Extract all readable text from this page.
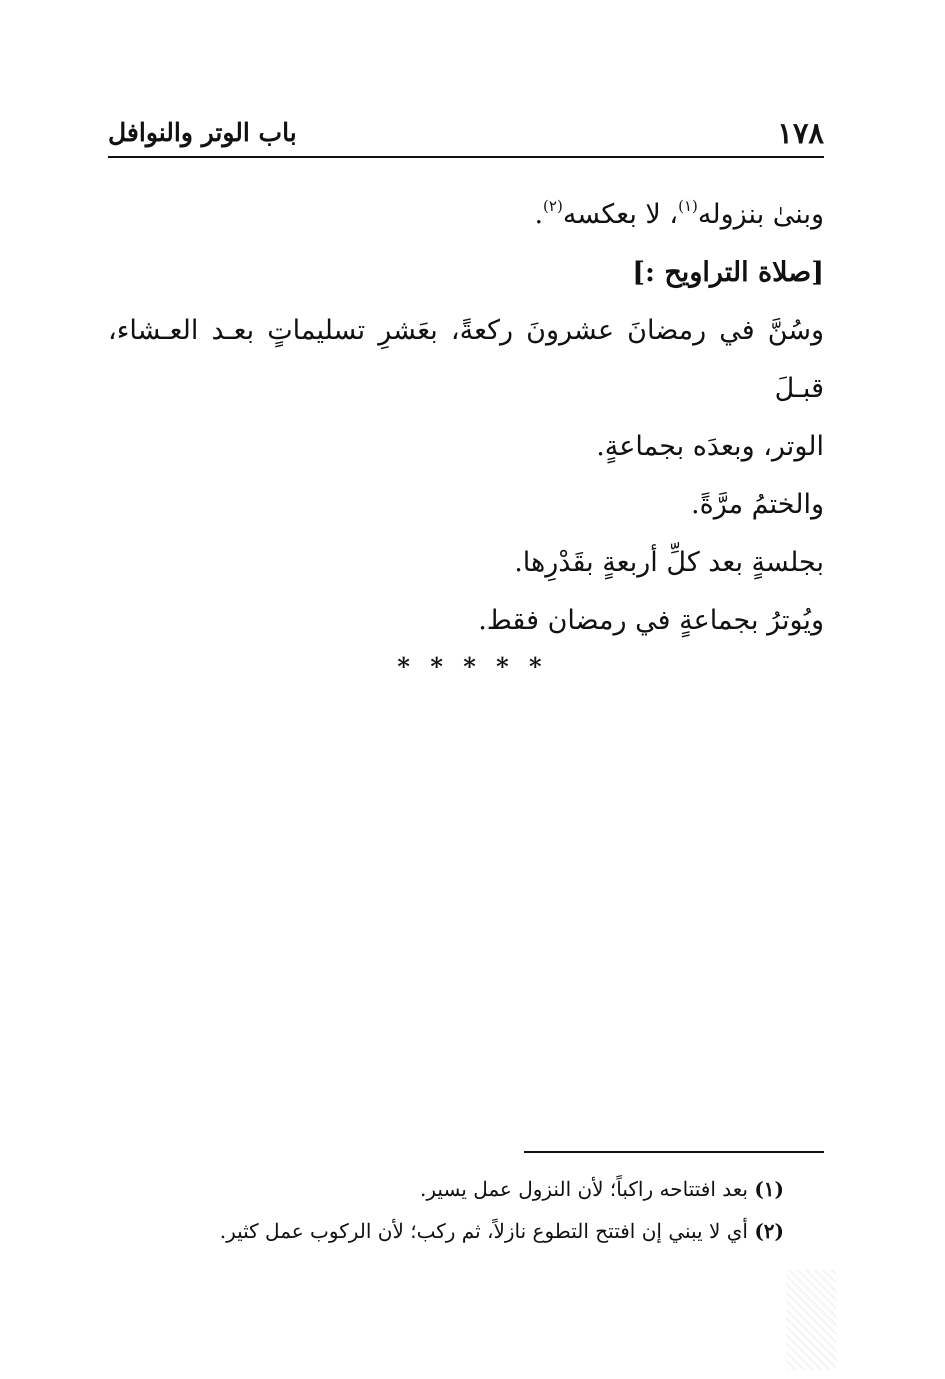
١٧٨
باب الوتر والنوافل
وبنىٰ بنزوله$^{(١)}$، لا بعكسه$^{(٢)}$.
[صلاة التراويح :]
وسُنَّ في رمضانَ عشرونَ ركعةً، بعَشرِ تسليماتٍ بعـد العـشاء، قبـلَ
الوتر، وبعدَه بجماعةٍ.
والختمُ مرَّةً.
بجلسةٍ بعد كلِّ أربعةٍ بقَدْرِها.
ويُوترُ بجماعةٍ في رمضان فقط.
* * * * *
(١) بعد افتتاحه راكباً؛ لأن النزول عمل يسير.
(٢) أي لا يبني إن افتتح التطوع نازلاً، ثم ركب؛ لأن الركوب عمل كثير.
